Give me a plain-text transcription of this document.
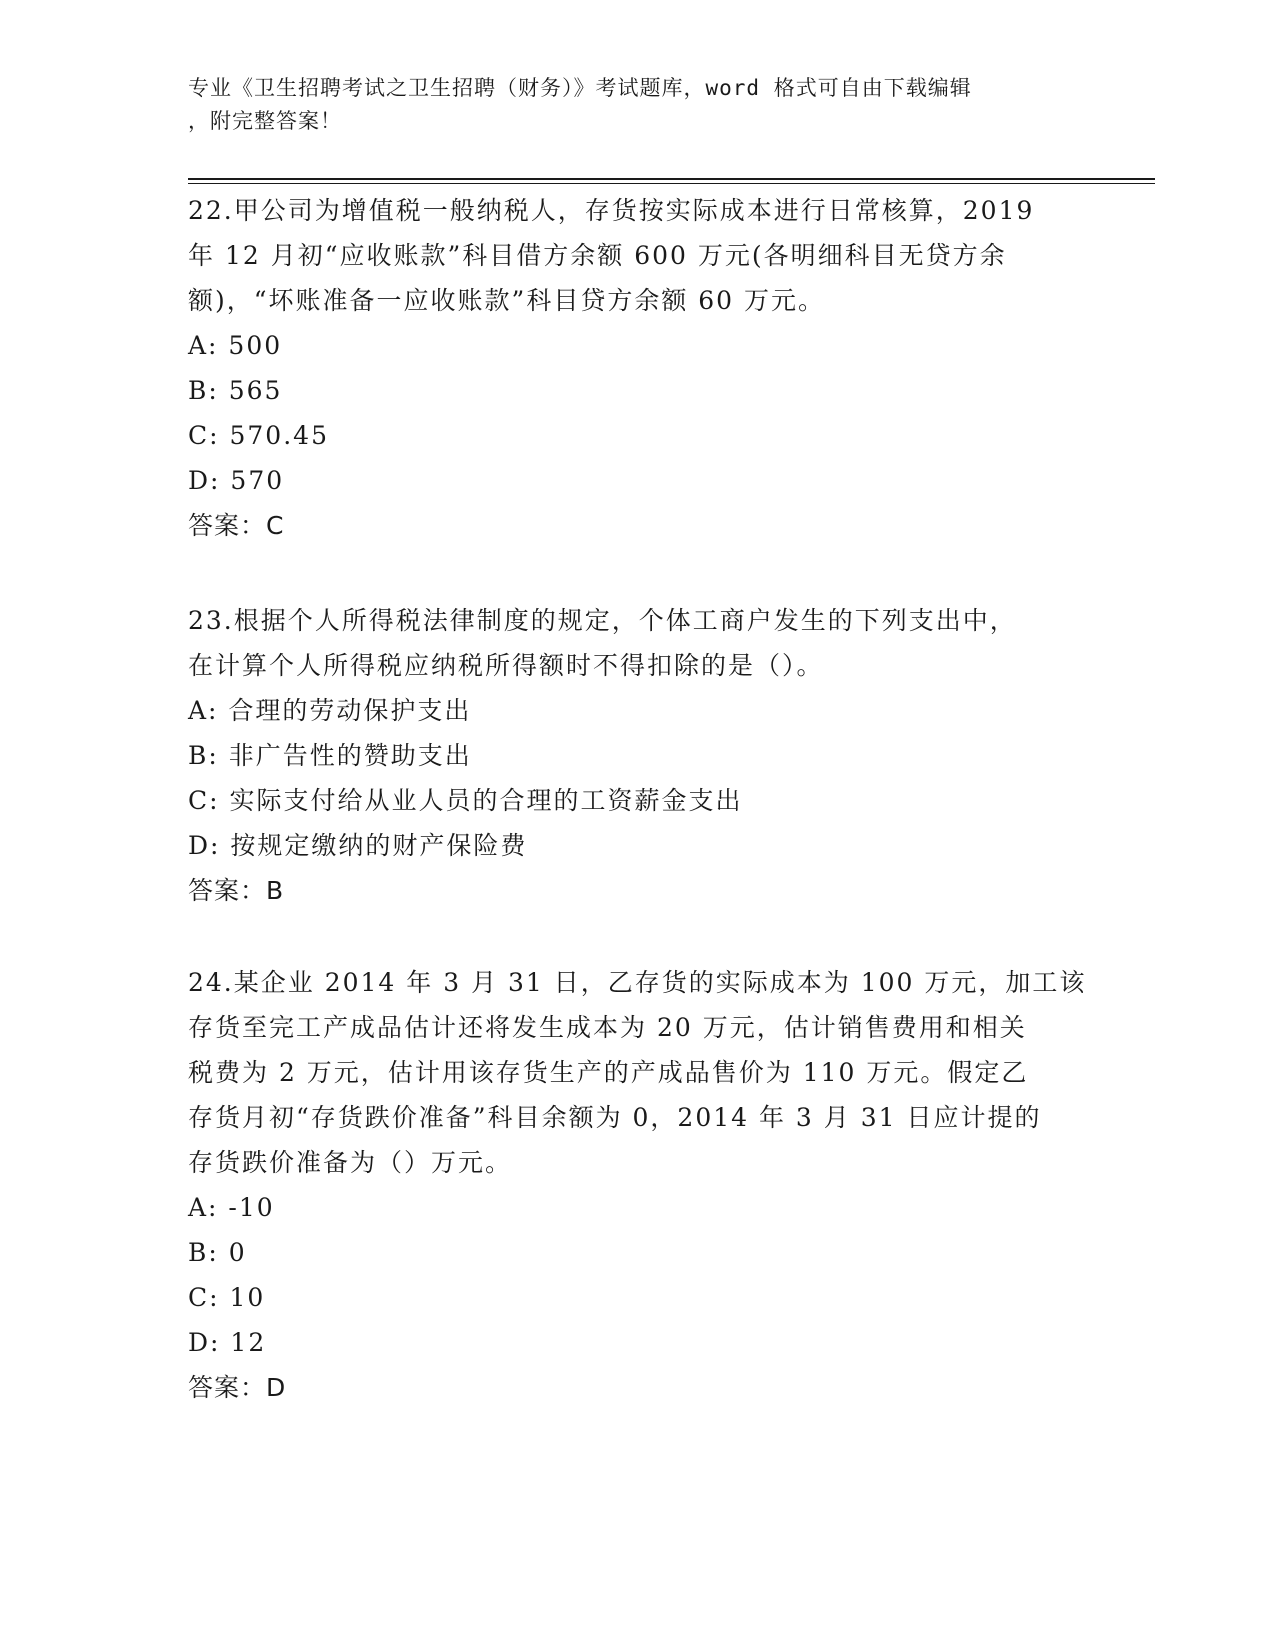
专业《卫生招聘考试之卫生招聘（财务）》考试题库，word 格式可自由下载编辑
，附完整答案！

22.甲公司为增值税一般纳税人，存货按实际成本进行日常核算，2019

年 12 月初“应收账款”科目借方余额 600 万元(各明细科目无贷方余

额)，“坏账准备一应收账款”科目贷方余额 60 万元。

A: 500

B: 565

C: 570.45

D: 570

答案：C

23.根据个人所得税法律制度的规定，个体工商户发生的下列支出中，

在计算个人所得税应纳税所得额时不得扣除的是（）。

A: 合理的劳动保护支出

B: 非广告性的赞助支出

C: 实际支付给从业人员的合理的工资薪金支出

D: 按规定缴纳的财产保险费

答案：B

24.某企业 2014 年 3 月 31 日，乙存货的实际成本为 100 万元，加工该

存货至完工产成品估计还将发生成本为 20 万元，估计销售费用和相关

税费为 2 万元，估计用该存货生产的产成品售价为 110 万元。假定乙

存货月初“存货跌价准备”科目余额为 0，2014 年 3 月 31 日应计提的

存货跌价准备为（）万元。

A: -10

B: 0

C: 10

D: 12

答案：D
